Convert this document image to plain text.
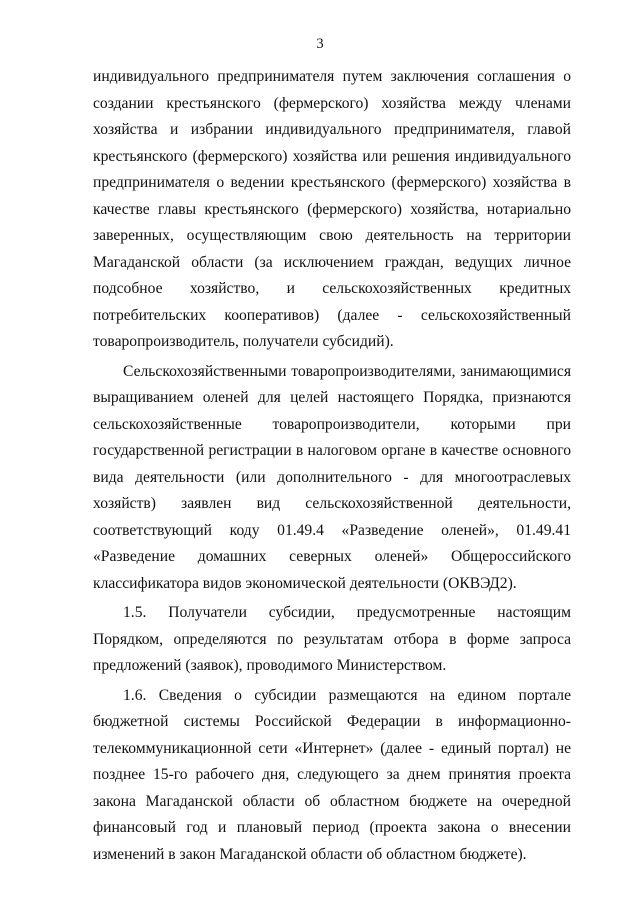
3

индивидуального предпринимателя путем заключения соглашения о создании крестьянского (фермерского) хозяйства между членами хозяйства и избрании индивидуального предпринимателя, главой крестьянского (фермерского) хозяйства или решения индивидуального предпринимателя о ведении крестьянского (фермерского) хозяйства в качестве главы крестьянского (фермерского) хозяйства, нотариально заверенных, осуществляющим свою деятельность на территории Магаданской области (за исключением граждан, ведущих личное подсобное хозяйство, и сельскохозяйственных кредитных потребительских кооперативов) (далее - сельскохозяйственный товаропроизводитель, получатели субсидий).

Сельскохозяйственными товаропроизводителями, занимающимися выращиванием оленей для целей настоящего Порядка, признаются сельскохозяйственные товаропроизводители, которыми при государственной регистрации в налоговом органе в качестве основного вида деятельности (или дополнительного - для многоотраслевых хозяйств) заявлен вид сельскохозяйственной деятельности, соответствующий коду 01.49.4 «Разведение оленей», 01.49.41 «Разведение домашних северных оленей» Общероссийского классификатора видов экономической деятельности (ОКВЭД2).

1.5. Получатели субсидии, предусмотренные настоящим Порядком, определяются по результатам отбора в форме запроса предложений (заявок), проводимого Министерством.

1.6. Сведения о субсидии размещаются на едином портале бюджетной системы Российской Федерации в информационно-телекоммуникационной сети «Интернет» (далее - единый портал) не позднее 15-го рабочего дня, следующего за днем принятия проекта закона Магаданской области об областном бюджете на очередной финансовый год и плановый период (проекта закона о внесении изменений в закон Магаданской области об областном бюджете).
